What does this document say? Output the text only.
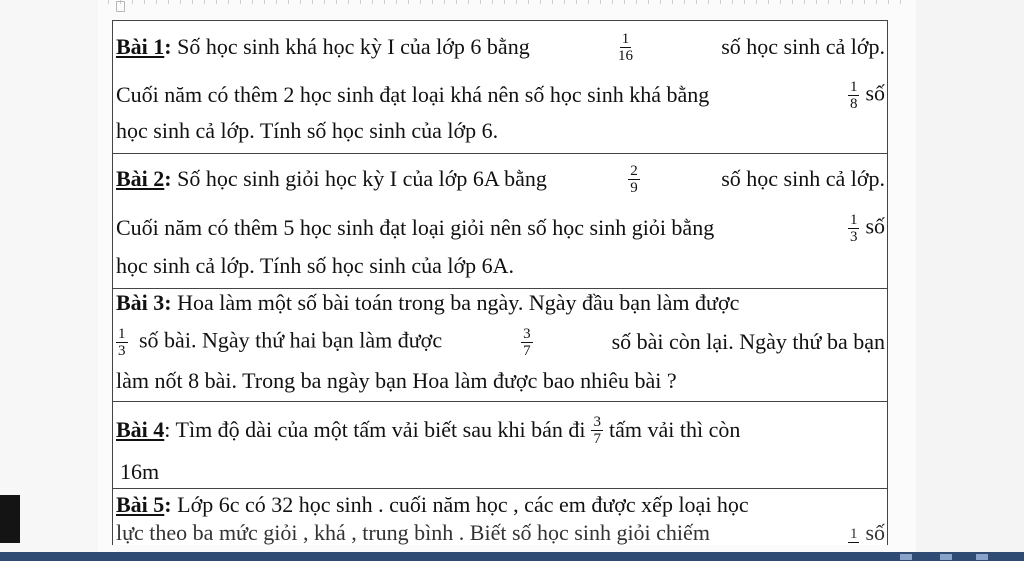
Bài 1: Số học sinh khá học kỳ I của lớp 6 bằng	$\frac{1}{16}$	số học sinh cả lớp.
Cuối năm có thêm 2 học sinh đạt loại khá nên số học sinh khá bằng	$\frac{1}{8}$ số
học sinh cả lớp. Tính số học sinh của lớp 6.
Bài 2: Số học sinh giỏi học kỳ I của lớp 6A bằng	$\frac{2}{9}$	số học sinh cả lớp.
Cuối năm có thêm 5 học sinh đạt loại giỏi nên số học sinh giỏi bằng	$\frac{1}{3}$ số
học sinh cả lớp. Tính số học sinh của lớp 6A.
Bài 3: Hoa làm một số bài toán trong ba ngày. Ngày đầu bạn làm được
$\frac{1}{3}$ số bài. Ngày thứ hai bạn làm được	$\frac{3}{7}$	số bài còn lại. Ngày thứ ba bạn
làm nốt 8 bài. Trong ba ngày bạn Hoa làm được bao nhiêu bài ?
Bài 4: Tìm độ dài của một tấm vải biết sau khi bán đi $\frac{3}{7}$ tấm vải thì còn
16m
Bài 5: Lớp 6c có 32 học sinh . cuối năm học , các em được xếp loại học
lực theo ba mức giỏi , khá , trung bình . Biết số học sinh giỏi chiếm	1 số
